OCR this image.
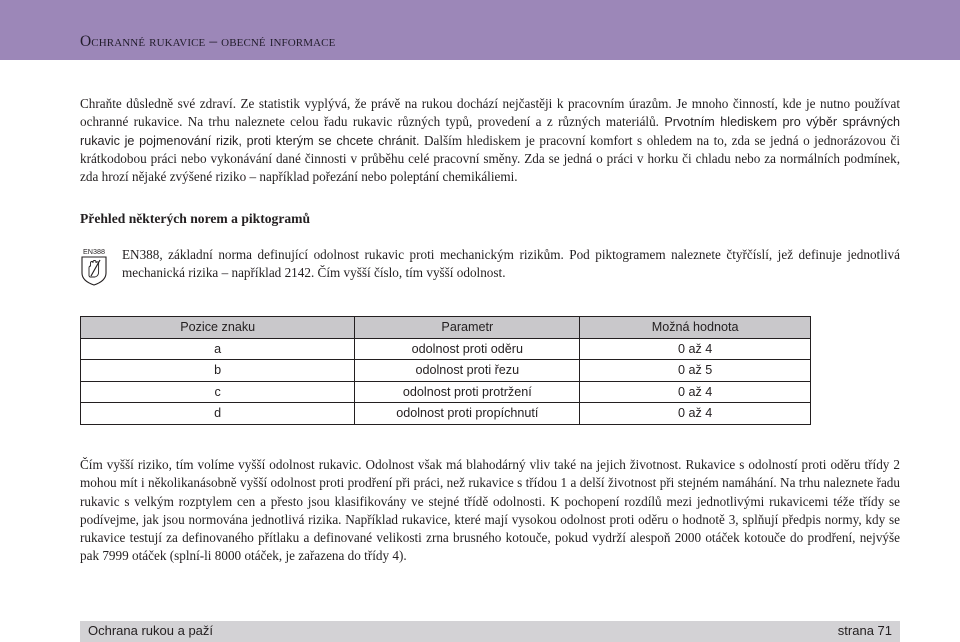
Ochranné rukavice – obecné informace

Chraňte důsledně své zdraví. Ze statistik vyplývá, že právě na rukou dochází nejčastěji k pracovním úrazům. Je mnoho činností, kde je nutno používat ochranné rukavice. Na trhu naleznete celou řadu rukavic různých typů, provedení a z různých materiálů. Prvotním hlediskem pro výběr správných rukavic je pojmenování rizik, proti kterým se chcete chránit. Dalším hlediskem je pracovní komfort s ohledem na to, zda se jedná o jednorázovou či krátkodobou práci nebo vykonávání dané činnosti v průběhu celé pracovní směny. Zda se jedná o práci v horku či chladu nebo za normálních podmínek, zda hrozí nějaké zvýšené riziko – například pořezání nebo poleptání chemikáliemi.

Přehled některých norem a piktogramů
EN388 EN388, základní norma definující odolnost rukavic proti mechanickým rizikům. Pod piktogramem naleznete čtyřčíslí, jež definuje jednotlivá mechanická rizika – například 2142. Čím vyšší číslo, tím vyšší odolnost.

Pozice znaku	Parametr	Možná hodnota
a	odolnost proti oděru	0 až 4
b	odolnost proti řezu	0 až 5
c	odolnost proti protržení	0 až 4
d	odolnost proti propíchnutí	0 až 4

Čím vyšší riziko, tím volíme vyšší odolnost rukavic. Odolnost však má blahodárný vliv také na jejich životnost. Rukavice s odolností proti oděru třídy 2 mohou mít i několikanásobně vyšší odolnost proti prodření při práci, než rukavice s třídou 1 a delší životnost při stejném namáhání. Na trhu naleznete řadu rukavic s velkým rozptylem cen a přesto jsou klasifikovány ve stejné třídě odolnosti. K pochopení rozdílů mezi jednotlivými rukavicemi téže třídy se podívejme, jak jsou normována jednotlivá rizika. Například rukavice, které mají vysokou odolnost proti oděru o hodnotě 3, splňují předpis normy, kdy se rukavice testují za definovaného přítlaku a definované velikosti zrna brusného kotouče, pokud vydrží alespoň 2000 otáček kotouče do prodření, nejvýše pak 7999 otáček (splní-li 8000 otáček, je zařazena do třídy 4).

Ochrana rukou a paží	strana 71
